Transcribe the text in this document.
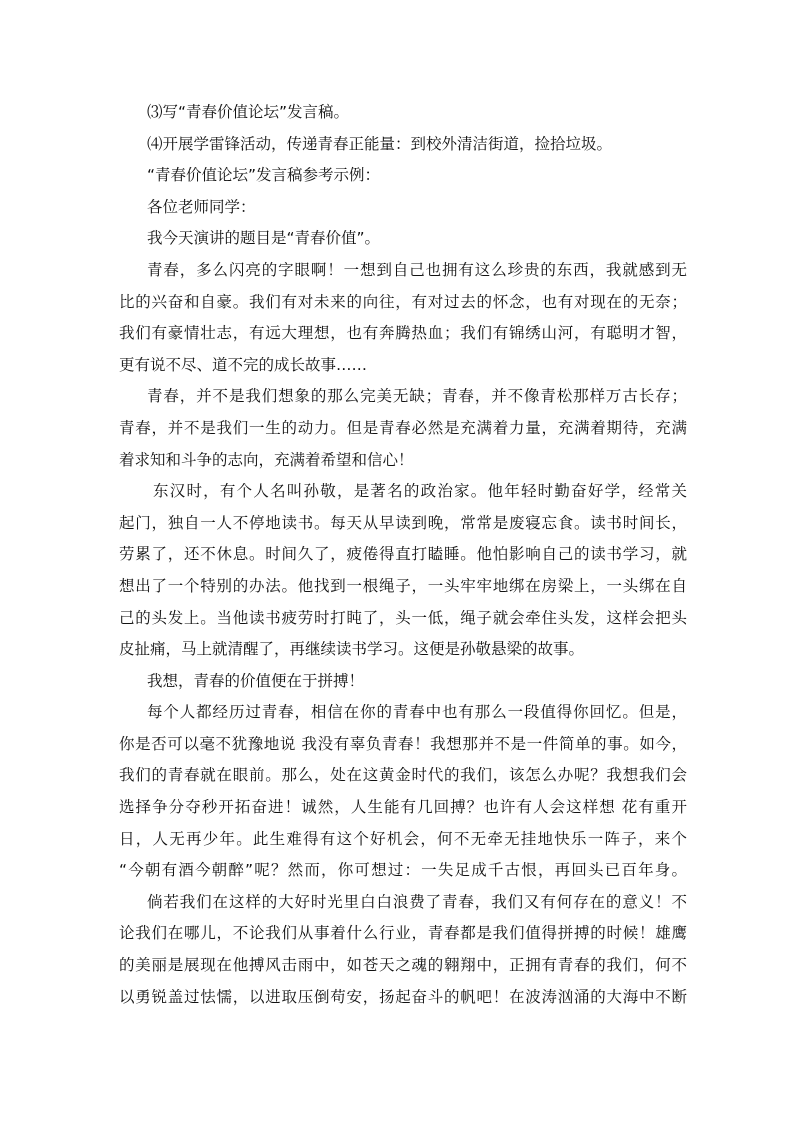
⑶写“青春价值论坛”发言稿。
⑷开展学雷锋活动，传递青春正能量：到校外清洁街道，捡拾垃圾。
“青春价值论坛”发言稿参考示例：
各位老师同学：
我今天演讲的题目是“青春价值”。
青春，多么闪亮的字眼啊！一想到自己也拥有这么珍贵的东西，我就感到无
比的兴奋和自豪。我们有对未来的向往，有对过去的怀念，也有对现在的无奈；
我们有豪情壮志，有远大理想，也有奔腾热血；我们有锦绣山河，有聪明才智，
更有说不尽、道不完的成长故事……
青春，并不是我们想象的那么完美无缺；青春，并不像青松那样万古长存；
青春，并不是我们一生的动力。但是青春必然是充满着力量，充满着期待，充满
着求知和斗争的志向，充满着希望和信心！
东汉时，有个人名叫孙敬，是著名的政治家。他年轻时勤奋好学，经常关
起门，独自一人不停地读书。每天从早读到晚，常常是废寝忘食。读书时间长，
劳累了，还不休息。时间久了，疲倦得直打瞌睡。他怕影响自己的读书学习，就
想出了一个特别的办法。他找到一根绳子，一头牢牢地绑在房梁上，一头绑在自
己的头发上。当他读书疲劳时打盹了，头一低，绳子就会牵住头发，这样会把头
皮扯痛，马上就清醒了，再继续读书学习。这便是孙敬悬梁的故事。
我想，青春的价值便在于拼搏！
每个人都经历过青春，相信在你的青春中也有那么一段值得你回忆。但是，
你是否可以毫不犹豫地说 我没有辜负青春！我想那并不是一件简单的事。如今，
我们的青春就在眼前。那么，处在这黄金时代的我们，该怎么办呢？我想我们会
选择争分夺秒开拓奋进！诚然，人生能有几回搏？也许有人会这样想 花有重开
日，人无再少年。此生难得有这个好机会，何不无牵无挂地快乐一阵子，来个
“今朝有酒今朝醉”呢？然而，你可想过：一失足成千古恨，再回头已百年身。
倘若我们在这样的大好时光里白白浪费了青春，我们又有何存在的意义！不
论我们在哪儿，不论我们从事着什么行业，青春都是我们值得拼搏的时候！雄鹰
的美丽是展现在他搏风击雨中，如苍天之魂的翱翔中，正拥有青春的我们，何不
以勇锐盖过怯懦，以进取压倒苟安，扬起奋斗的帆吧！在波涛汹涌的大海中不断
